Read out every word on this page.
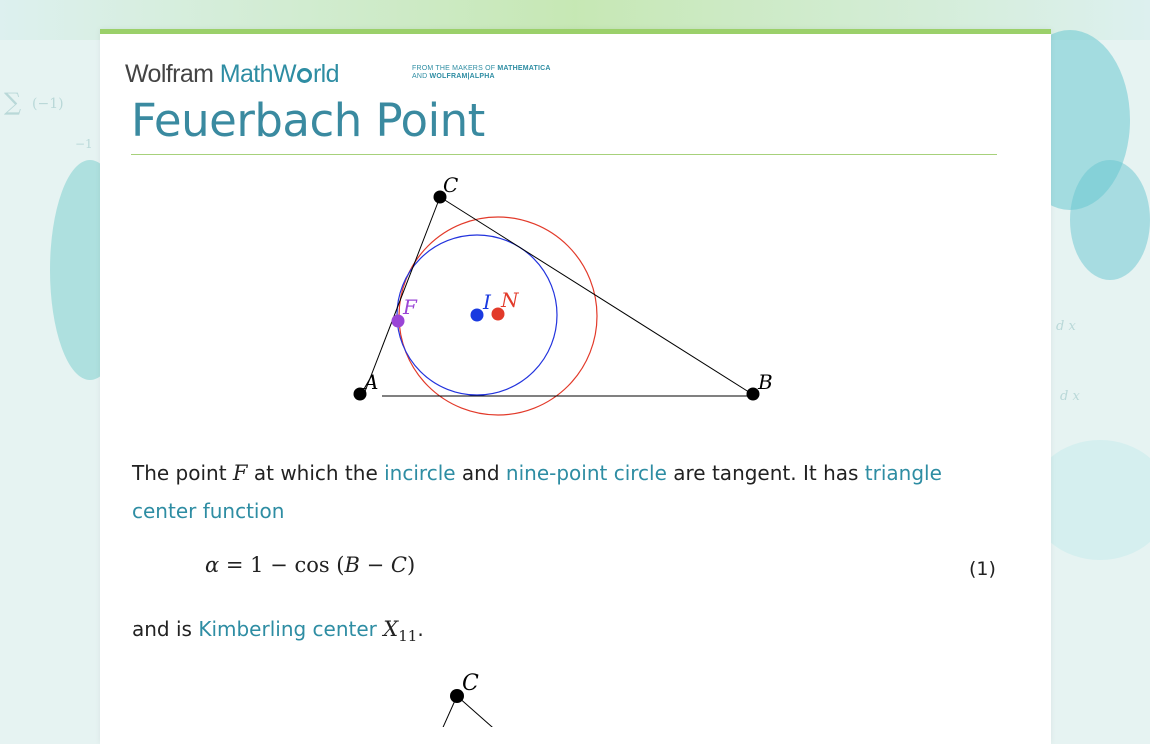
∑ (−1)
−1
d x
d x
Wolfram MathW rld	FROM THE MAKERS OF MATHEMATICA
AND WOLFRAM|ALPHA
Feuerbach Point
C
A	B
F	I N
The point F at which the incircle and nine-point circle are tangent. It has triangle center function
α = 1 − cos (B − C)	(1)
and is Kimberling center $X_{11}$.
C
